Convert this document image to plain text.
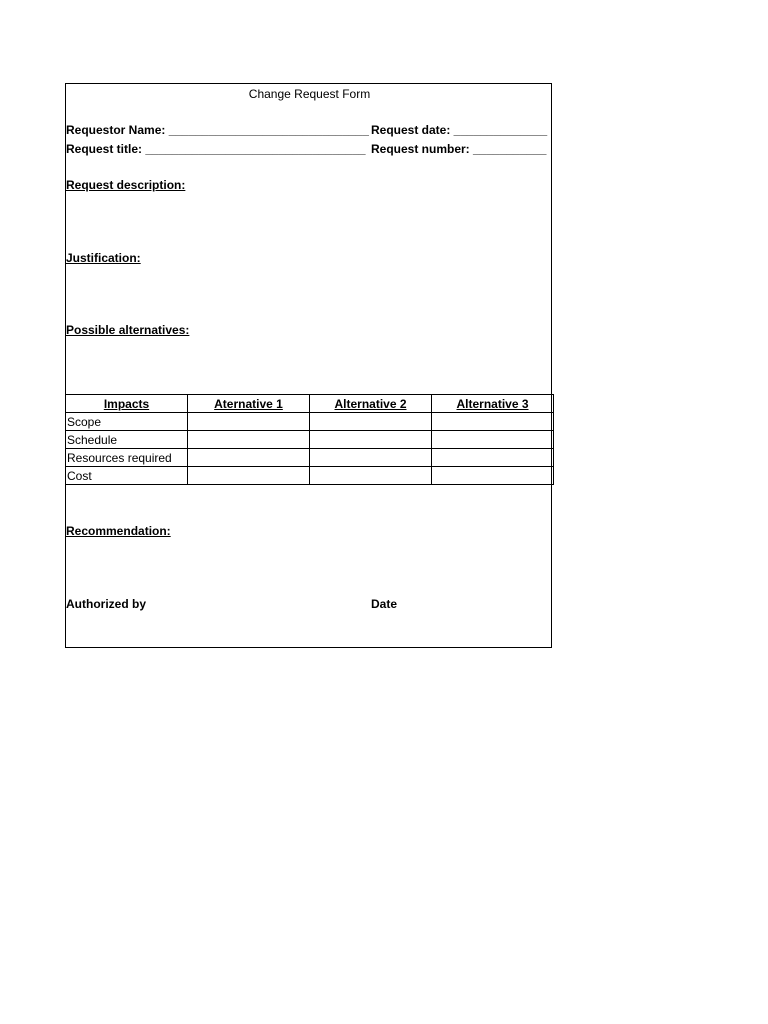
Change Request Form
Requestor Name: ______________________________ Request date: ______________
Request title: _________________________________ Request number: ___________
Request description:
Justification:
Possible alternatives:
Impacts	Aternative 1	Alternative 2	Alternative 3
Scope			
Schedule			
Resources required			
Cost			
Recommendation:
Authorized by	Date
